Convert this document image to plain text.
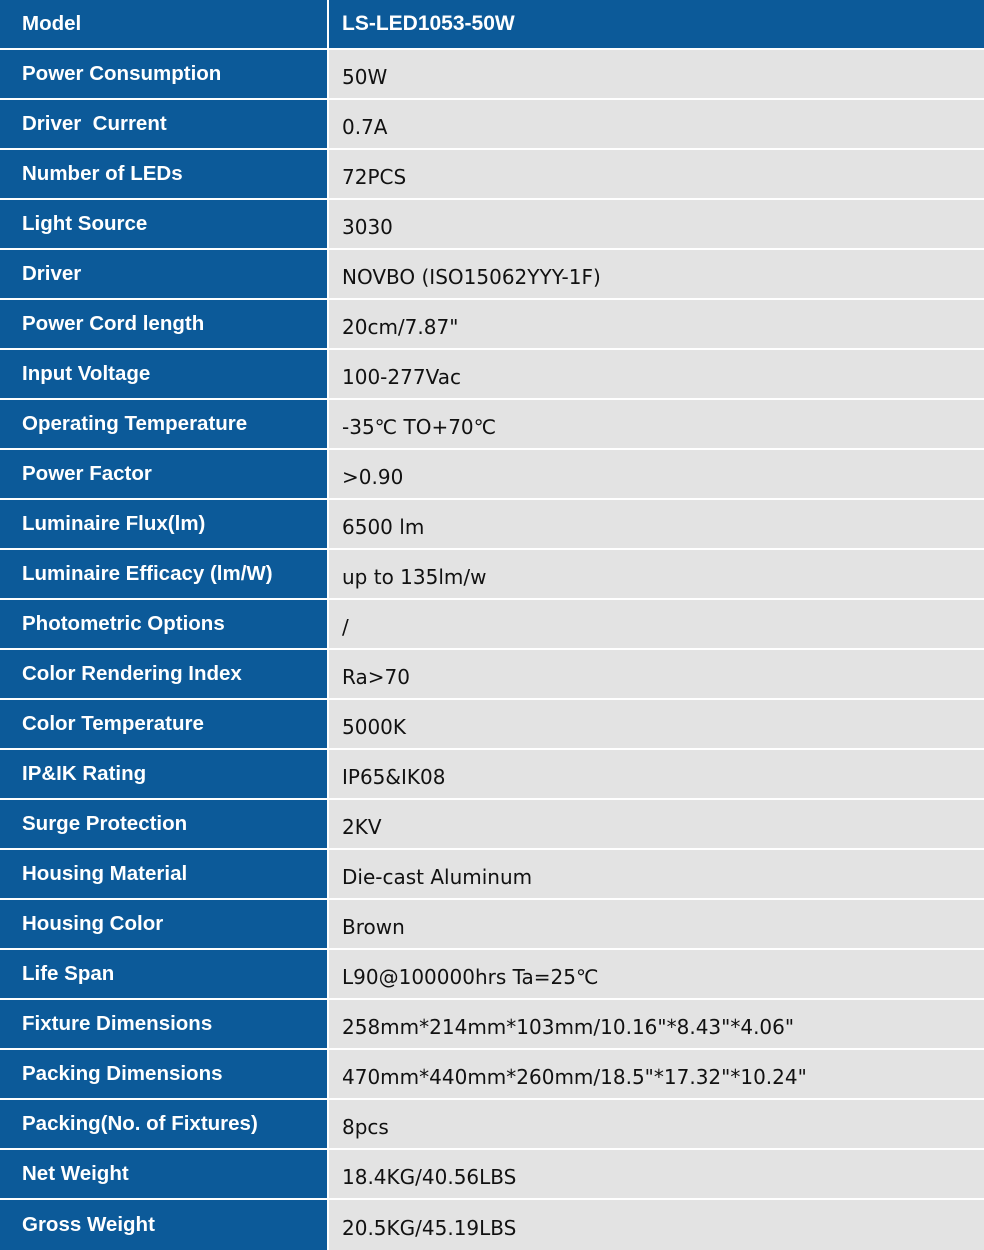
Model	LS-LED1053-50W
Power Consumption	50W
Driver  Current	0.7A
Number of LEDs	72PCS
Light Source	3030
Driver	NOVBO (ISO15062YYY-1F)
Power Cord length	20cm/7.87"
Input Voltage	100-277Vac
Operating Temperature	-35℃ TO+70℃
Power Factor	>0.90
Luminaire Flux(lm)	6500 lm
Luminaire Efficacy (lm/W)	up to 135lm/w
Photometric Options	/
Color Rendering Index	Ra>70
Color Temperature	5000K
IP&IK Rating	IP65&IK08
Surge Protection	2KV
Housing Material	Die-cast Aluminum
Housing Color	Brown
Life Span	L90@100000hrs Ta=25℃
Fixture Dimensions	258mm*214mm*103mm/10.16"*8.43"*4.06"
Packing Dimensions	470mm*440mm*260mm/18.5"*17.32"*10.24"
Packing(No. of Fixtures)	8pcs
Net Weight	18.4KG/40.56LBS
Gross Weight	20.5KG/45.19LBS
